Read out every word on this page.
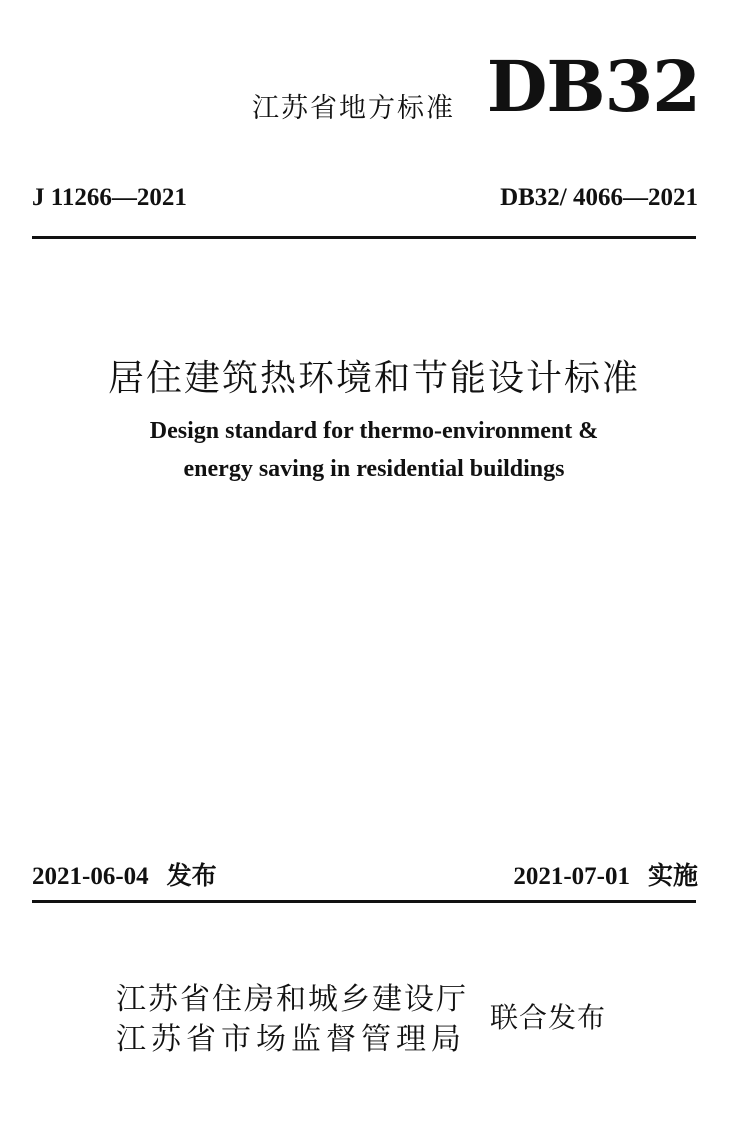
江苏省地方标准 DB32
J 11266—2021	DB32/ 4066—2021
居住建筑热环境和节能设计标准
Design standard for thermo-environment &
energy saving in residential buildings
2021-06-04 发布	2021-07-01 实施
江苏省住房和城乡建设厅
江苏省市场监督管理局
联合发布
